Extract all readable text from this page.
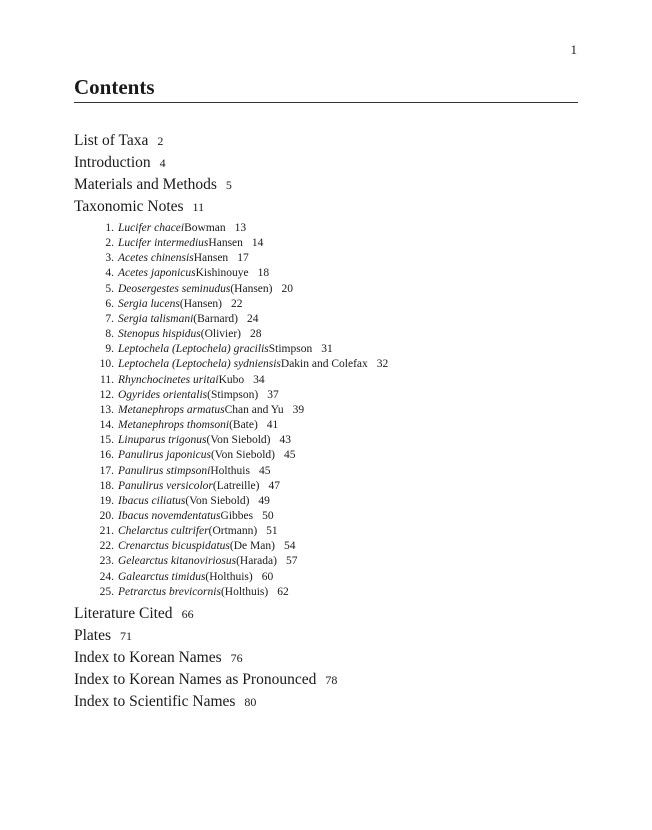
1
Contents
List of Taxa 2
Introduction 4
Materials and Methods 5
Taxonomic Notes 11
1. Lucifer chacei Bowman 13
2. Lucifer intermedius Hansen 14
3. Acetes chinensis Hansen 17
4. Acetes japonicus Kishinouye 18
5. Deosergestes seminudus (Hansen) 20
6. Sergia lucens (Hansen) 22
7. Sergia talismani (Barnard) 24
8. Stenopus hispidus (Olivier) 28
9. Leptochela (Leptochela) gracilis Stimpson 31
10. Leptochela (Leptochela) sydniensis Dakin and Colefax 32
11. Rhynchocinetes uritai Kubo 34
12. Ogyrides orientalis (Stimpson) 37
13. Metanephrops armatus Chan and Yu 39
14. Metanephrops thomsoni (Bate) 41
15. Linuparus trigonus (Von Siebold) 43
16. Panulirus japonicus (Von Siebold) 45
17. Panulirus stimpsoni Holthuis 45
18. Panulirus versicolor (Latreille) 47
19. Ibacus ciliatus (Von Siebold) 49
20. Ibacus novemdentatus Gibbes 50
21. Chelarctus cultrifer (Ortmann) 51
22. Crenarctus bicuspidatus (De Man) 54
23. Gelearctus kitanoviriosus (Harada) 57
24. Galearctus timidus (Holthuis) 60
25. Petrarctus brevicornis (Holthuis) 62
Literature Cited 66
Plates 71
Index to Korean Names 76
Index to Korean Names as Pronounced 78
Index to Scientific Names 80
